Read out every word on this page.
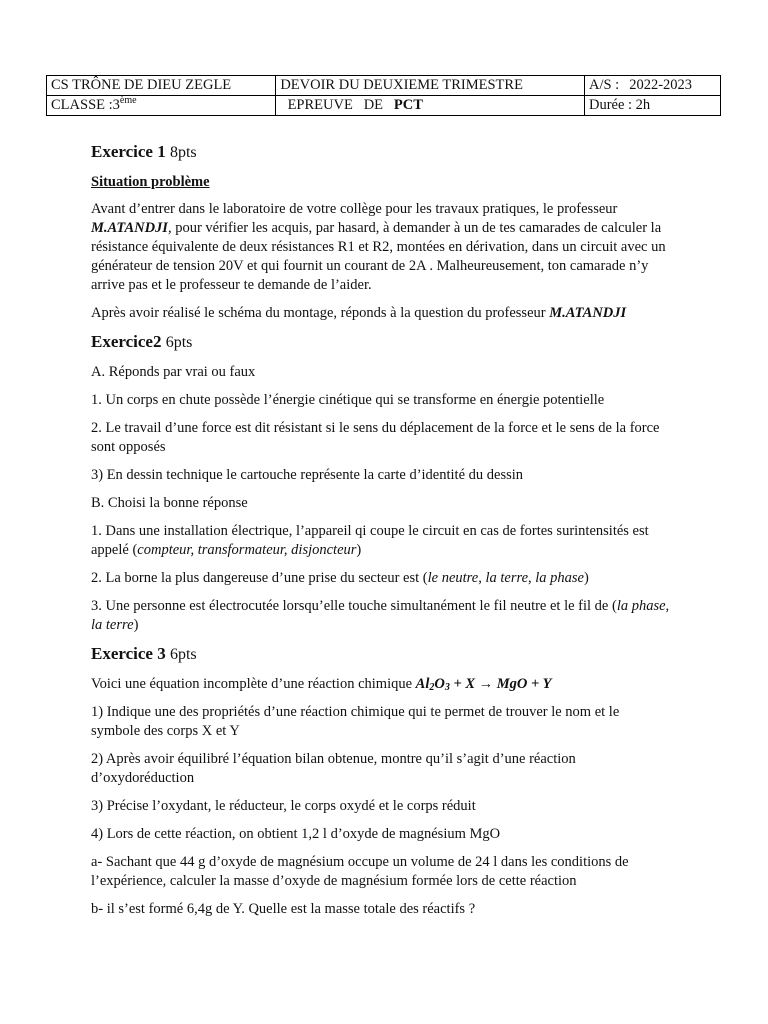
CS TRÔNE DE DIEU ZEGLE	DEVOIR DU DEUXIEME TRIMESTRE	A/S : 2022-2023
CLASSE :3ème	EPREUVE   DE PCT	Durée : 2h
Exercice 1 8pts
Situation problème

Avant d’entrer dans le laboratoire de votre collège pour les travaux pratiques, le professeur M.ATANDJI, pour vérifier les acquis, par hasard, à demander à un de tes camarades de calculer la résistance équivalente de deux résistances R1 et R2, montées en dérivation, dans un circuit avec un générateur de tension 20V et qui fournit un courant de 2A . Malheureusement, ton camarade n’y arrive pas et le professeur te demande de l’aider.

Après avoir réalisé le schéma du montage, réponds à la question du professeur M.ATANDJI

Exercice2 6pts

A. Réponds par vrai ou faux

1. Un corps en chute possède l’énergie cinétique qui se transforme en énergie potentielle

2. Le travail d’une force est dit résistant si le sens du déplacement de la force et le sens de la force sont opposés

3) En dessin technique le cartouche représente la carte d’identité du dessin

B. Choisi la bonne réponse

1. Dans une installation électrique, l’appareil qi coupe le circuit en cas de fortes surintensités est appelé (compteur, transformateur, disjoncteur)

2. La borne la plus dangereuse d’une prise du secteur est (le neutre, la terre, la phase)

3. Une personne est électrocutée lorsqu’elle touche simultanément le fil neutre et le fil de (la phase, la terre)

Exercice 3 6pts

Voici une équation incomplète d’une réaction chimique $Al_2O_3 + X$ → MgO + Y

1) Indique une des propriétés d’une réaction chimique qui te permet de trouver le nom et le symbole des corps X et Y

2) Après avoir équilibré l’équation bilan obtenue, montre qu’il s’agit d’une réaction d’oxydoréduction

3) Précise l’oxydant, le réducteur, le corps oxydé et le corps réduit

4) Lors de cette réaction, on obtient 1,2 l d’oxyde de magnésium MgO

a- Sachant que 44 g d’oxyde de magnésium occupe un volume de 24 l dans les conditions de l’expérience, calculer la masse d’oxyde de magnésium formée lors de cette réaction

b- il s’est formé 6,4g de Y. Quelle est la masse totale des réactifs ?
